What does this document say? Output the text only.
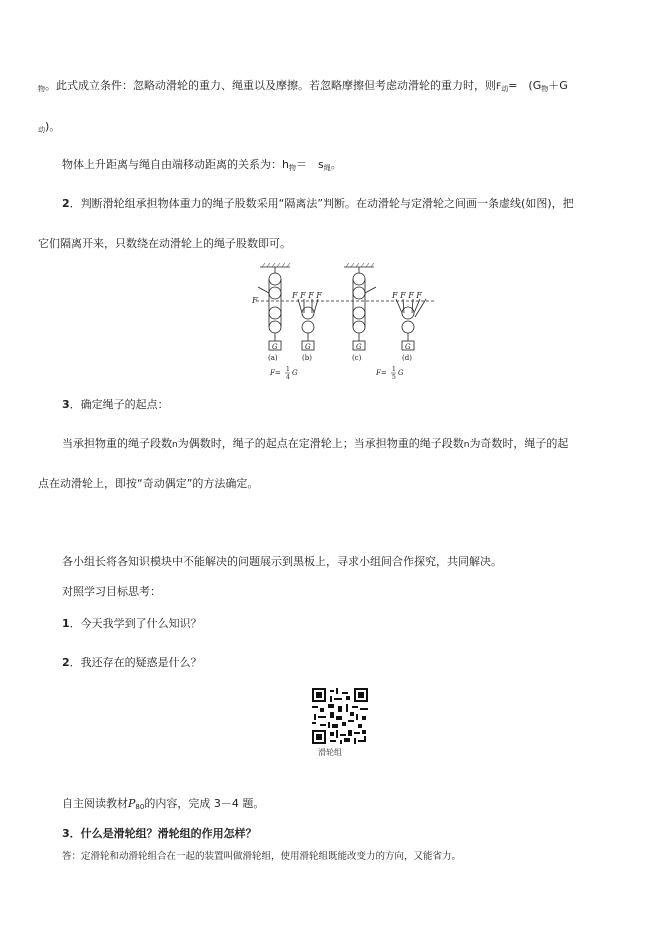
$_物$。此式成立条件：忽略动滑轮的重力、绳重以及摩擦。若忽略摩擦但考虑动滑轮的重力时，则$F_动=$　($G_物+G$
$_动$)。
物体上升距离与绳自由端移动距离的关系为：$h_物=$　$s_绳$。
2．判断滑轮组承担物体重力的绳子股数采用“隔离法”判断。在动滑轮与定滑轮之间画一条虚线(如图)，把
它们隔离开来，只数绕在动滑轮上的绳子股数即可。
F
F F F F	F F F F
G	G	G	G
(a)	(b)	(c)	(d)
F= 1
4
G	F= 1
5
G
3．确定绳子的起点：
当承担物重的绳子段数n为偶数时，绳子的起点在定滑轮上；当承担物重的绳子段数n为奇数时，绳子的起
点在动滑轮上，即按“奇动偶定”的方法确定。
各小组长将各知识模块中不能解决的问题展示到黑板上，寻求小组间合作探究，共同解决。
对照学习目标思考：
1．今天我学到了什么知识？
2．我还存在的疑惑是什么？
滑轮组
自主阅读教材$P_{80}$的内容，完成 3－4 题。
3．什么是滑轮组？滑轮组的作用怎样？
答：定滑轮和动滑轮组合在一起的装置叫做滑轮组，使用滑轮组既能改变力的方向，又能省力。
